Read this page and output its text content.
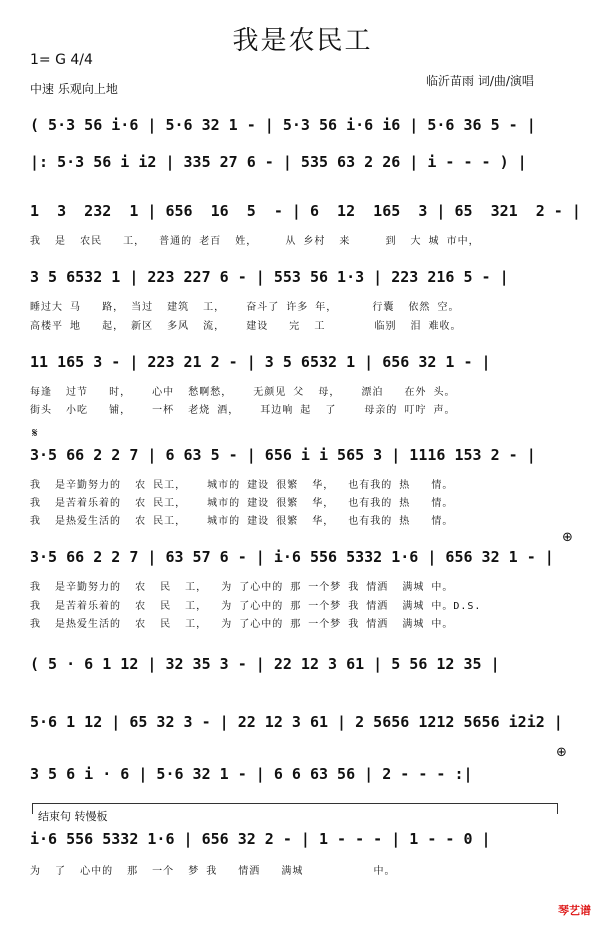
我是农民工
1= G 4/4
中速 乐观向上地
临沂苗雨 词/曲/演唱
( 5·3 56 i·6 | 5·6 32 1 - | 5·3 56 i·6 i6 | 5·6 36 5 - |
|: 5·3 56 i i2 | 335 27 6 - | 535 63 2 26 | i - - - ) |
1  3  232  1 | 656  16  5  - | 6  12  165  3 | 65  321  2 - |
我  是  农民   工，  普通的 老百  姓，    从 乡村  来     到  大 城 市中，
3 5 6532 1 | 223 227 6 - | 553 56 1·3 | 223 216 5 - |
睡过大 马   路， 当过  建筑  工，   奋斗了 许多 年，     行囊  依然 空。
高楼平 地   起， 新区  多风  流，   建设   完  工       临别  泪 难收。
11 165 3 - | 223 21 2 - | 3 5 6532 1 | 656 32 1 - |
每逢  过节   时，   心中  愁啊愁，   无颜见 父  母，   漂泊   在外 头。
街头  小吃   铺，   一杯  老烧 酒，   耳边响 起  了    母亲的 叮咛 声。
𝄋
3·5 66 2 2 7 | 6 63 5 - | 656 i i 565 3 | 1116 153 2 - |
我  是辛勤努力的  农 民工，   城市的 建设 很繁  华，  也有我的 热   情。
我  是苦着乐着的  农 民工，   城市的 建设 很繁  华，  也有我的 热   情。
我  是热爱生活的  农 民工，   城市的 建设 很繁  华，  也有我的 热   情。
⊕
3·5 66 2 2 7 | 63 57 6 - | i·6 556 5332 1·6 | 656 32 1 - |
我  是辛勤努力的  农  民  工，  为 了心中的 那 一个梦 我 情洒  满城 中。
我  是苦着乐着的  农  民  工，  为 了心中的 那 一个梦 我 情洒  满城 中。D.S.
我  是热爱生活的  农  民  工，  为 了心中的 那 一个梦 我 情洒  满城 中。
( 5 · 6 1 12 | 32 35 3 - | 22 12 3 61 | 5 56 12 35 |
⊕
5·6 1 12 | 65 32 3 - | 22 12 3 61 | 2 5656 1212 5656 i2i2 |
3 5 6 i · 6 | 5·6 32 1 - | 6 6 63 56 | 2 - - - :|
结束句 转慢板
i·6 556 5332 1·6 | 656 32 2 - | 1 - - - | 1 - - 0 |
为  了  心中的  那  一个  梦 我   情洒   满城          中。
琴艺谱
